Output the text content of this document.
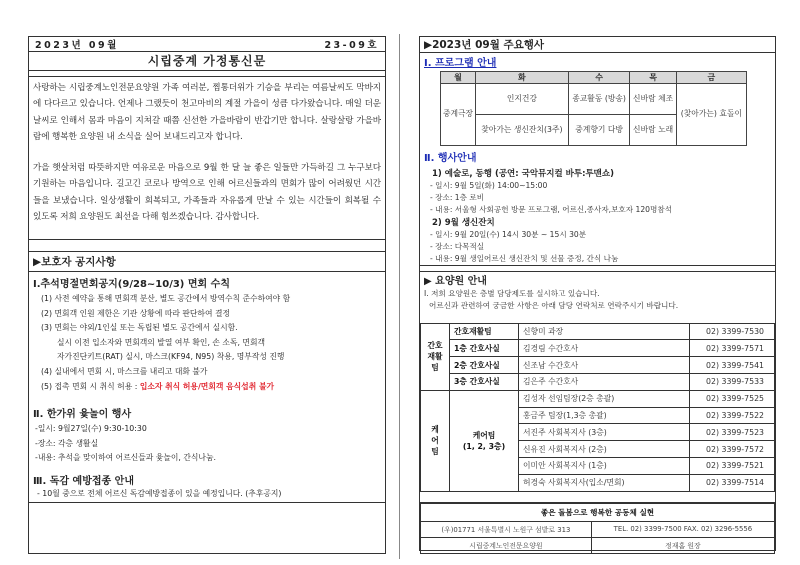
2023년 09월	23-09호
시립중계 가정통신문
사랑하는 시립중계노인전문요양원 가족 여러분, 찜통더위가 기승을 부리는 여름날씨도 막바지에 다다르고 있습니다. 언제나 그랬듯이 천고마비의 계절 가을이 성큼 다가왔습니다. 매일 더운 날씨로 인해서 몸과 마음이 지쳐갈 때쯤 신선한 가을바람이 반갑기만 합니다. 살랑살랑 가을바람에 행복한 요양원 내 소식을 실어 보내드리고자 합니다.
가을 햇살처럼 따뜻하지만 여유로운 마음으로 9월 한 달 늘 좋은 일들만 가득하길 그 누구보다 기원하는 마음입니다. 길고긴 코로나 방역으로 인해 어르신들과의 면회가 많이 어려웠던 시간들을 보냈습니다. 일상생활이 회복되고, 가족들과 자유롭게 만날 수 있는 시간들이 회복될 수 있도록 저희 요양원도 최선을 다해 힘쓰겠습니다. 감사합니다.
▶보호자 공지사항
Ⅰ.추석명절면회공지(9/28~10/3) 면회 수칙
(1) 사전 예약을 통해 면회객 분산, 별도 공간에서 방역수칙 준수하여야 함
(2) 면회객 인원 제한은 기관 상황에 따라 판단하여 결정
(3) 면회는 야외/1인실 또는 독립된 별도 공간에서 실시함.
실시 이전 입소자와 면회객의 발열 여부 확인, 손 소독, 면회객
자가진단키트(RAT) 실시, 마스크(KF94, N95) 착용, 명부작성 진행
(4) 실내에서 면회 시, 마스크를 내리고 대화 불가
(5) 접촉 면회 시 취식 허용 : 입소자 취식 허용/면회객 음식섭취 불가
Ⅱ. 한가위 윷놀이 행사
-일시: 9월27일(수) 9:30-10:30
-장소: 각층 생활실
-내용: 추석을 맞이하여 어르신들과 윷놀이, 간식나눔.
Ⅲ. 독감 예방접종 안내
- 10월 중으로 전체 어르신 독감예방접종이 있을 예정입니다. (추후공지)
▶2023년 09월 주요행사
Ⅰ. 프로그램 안내
월	화	수	목	금
중계극장	인지건강	종교활동 (방송)	신바람 체조	(찾아가는) 효돌이
	찾아가는 생신잔치(3주)	중계향기 다방	신바람 노래	
Ⅱ. 행사안내
1) 예술로, 동행 (공연: 국악뮤지컬 바투:투맨쇼)
- 일시: 9월 5일(화) 14:00~15:00
- 장소: 1층 로비
- 내용: 서울형 사회공헌 방문 프로그램, 어르신,종사자,보호자 120명참석
2) 9월 생신잔치
- 일시: 9월 20일(수) 14시 30분 ~ 15시 30분
- 장소: 다목적실
- 내용: 9월 생일어르신 생신잔치 및 선물 증정, 간식 나눔
▶ 요양원 안내
Ⅰ. 저희 요양원은 층별 담당제도를 실시하고 있습니다.
어르신과 관련하여 궁금한 사항은 아래 담당 연락처로 연락주시기 바랍니다.
간호
재활
팀	간호재활팀	신향미 과장	02) 3399-7530
	1층 간호사실	김경림 수간호사	02) 3399-7571
	2층 간호사실	신조남 수간호사	02) 3399-7541
	3층 간호사실	김은주 수간호사	02) 3399-7533
케
어
팀	케어팀
(1, 2, 3층)	김성자 선임팀장(2층 총괄)	02) 3399-7525
		홍금주 팀장(1,3층 총괄)	02) 3399-7522
		서진주 사회복지사 (3층)	02) 3399-7523
		신유진 사회복지사 (2층)	02) 3399-7572
		이미안 사회복지사 (1층)	02) 3399-7521
		허경숙 사회복지사(입소/면회)	02) 3399-7514
좋은 돌봄으로 행복한 공동체 실현	
(우)01771 서울특별시 노원구 섬밭로 313	TEL. 02) 3399-7500 FAX. 02) 3296-5556
시립중계노인전문요양원	정재홈 원장
